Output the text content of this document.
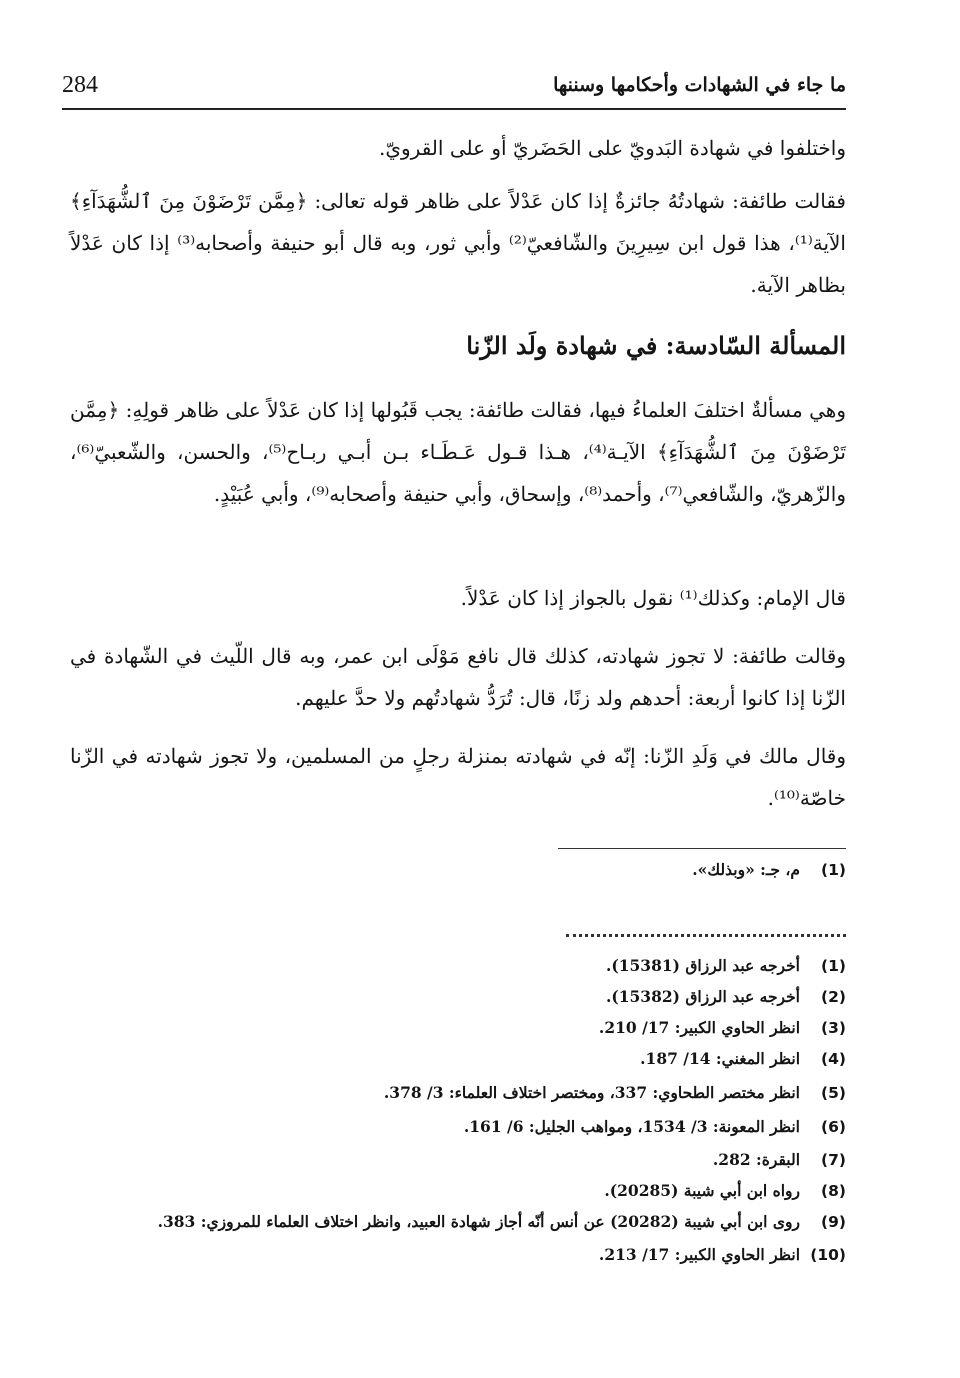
ما جاء في الشهادات وأحكامها وسننها
284

واختلفوا في شهادة البَدويّ على الحَضَريّ أو على القرويّ.

فقالت طائفة: شهادتُهُ جائزةٌ إذا كان عَدْلاً على ظاهر قوله تعالى: ﴿مِمَّن تَرْضَوْنَ مِنَ ٱلشُّهَدَآءِ﴾ الآية⁽¹⁾، هذا قول ابن سِيرِينَ والشّافعيّ⁽²⁾ وأبي ثور، وبه قال أبو حنيفة وأصحابه⁽³⁾ إذا كان عَدْلاً بظاهر الآية.

المسألة السّادسة: في شهادة ولَد الزّنا

وهي مسألةٌ اختلفَ العلماءُ فيها، فقالت طائفة: يجب قَبُولها إذا كان عَدْلاً على ظاهر قولِهِ: ﴿مِمَّن تَرْضَوْنَ مِنَ ٱلشُّهَدَآءِ﴾ الآيـة⁽⁴⁾، هـذا قـول عَـطَـاء بـن أبـي ربـاح⁽⁵⁾، والحسن، والشّعبيّ⁽⁶⁾، والزّهريّ، والشّافعي⁽⁷⁾، وأحمد⁽⁸⁾، وإسحاق، وأبي حنيفة وأصحابه⁽⁹⁾، وأبي عُبَيْدٍ.

قال الإمام: وكذلك⁽¹⁾ نقول بالجواز إذا كان عَدْلاً.

وقالت طائفة: لا تجوز شهادته، كذلك قال نافع مَوْلَى ابن عمر، وبه قال اللّيث في الشّهادة في الزّنا إذا كانوا أربعة: أحدهم ولد زنًا، قال: تُرَدُّ شهادتُهم ولا حدَّ عليهم.

وقال مالك في وَلَدِ الزّنا: إنّه في شهادته بمنزلة رجلٍ من المسلمين، ولا تجوز شهادته في الزّنا خاصّة⁽¹⁰⁾.

(1)م، جـ: «وبذلك».
(1)أخرجه عبد الرزاق (15381).
(2)أخرجه عبد الرزاق (15382).
(3)انظر الحاوي الكبير: 17/ 210.
(4)انظر المغني: 14/ 187.
(5)انظر مختصر الطحاوي: 337، ومختصر اختلاف العلماء: 3/ 378.
(6)انظر المعونة: 3/ 1534، ومواهب الجليل: 6/ 161.
(7)البقرة: 282.
(8)رواه ابن أبي شيبة (20285).
(9)روى ابن أبي شيبة (20282) عن أنس أنّه أجاز شهادة العبيد، وانظر اختلاف العلماء للمروزي: 383.
(10)انظر الحاوي الكبير: 17/ 213.
